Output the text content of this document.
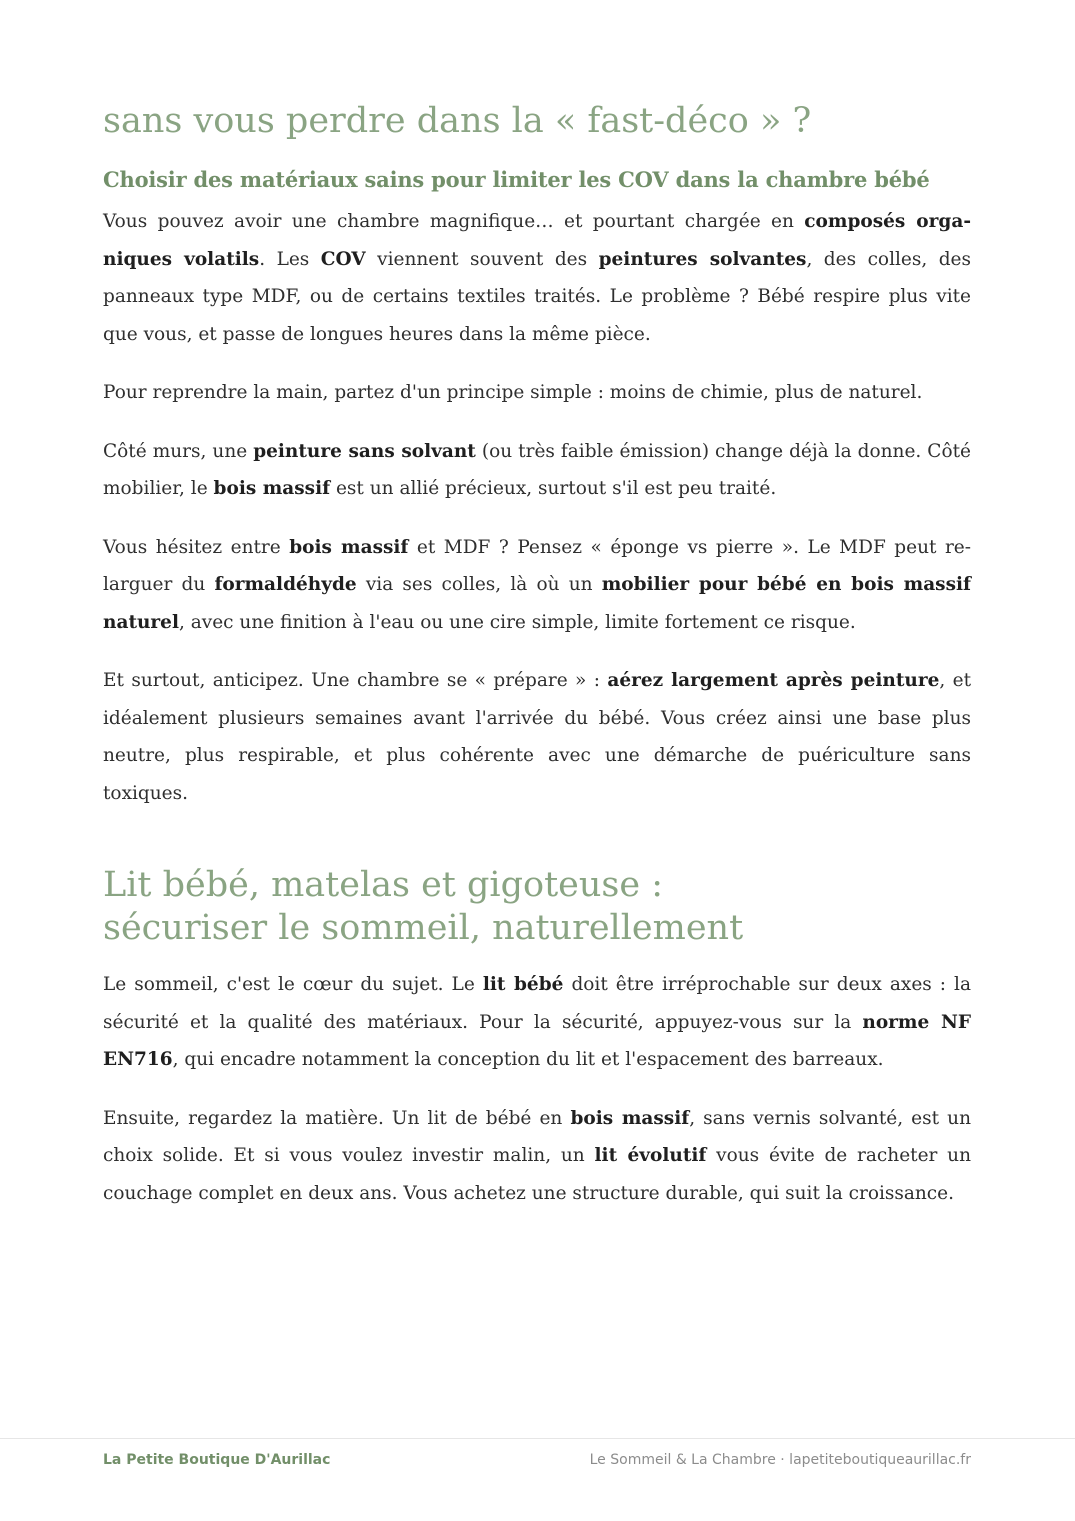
sans vous perdre dans la « fast-déco » ?
Choisir des matériaux sains pour limiter les COV dans la chambre bébé

Vous pouvez avoir une chambre magnifique… et pourtant chargée en composés organiques volatils. Les COV viennent souvent des peintures solvantes, des colles, des panneaux type MDF, ou de certains textiles traités. Le problème ? Bébé respire plus vite que vous, et passe de longues heures dans la même pièce.

Pour reprendre la main, partez d'un principe simple : moins de chimie, plus de naturel.

Côté murs, une peinture sans solvant (ou très faible émission) change déjà la donne. Côté mobilier, le bois massif est un allié précieux, surtout s'il est peu traité.

Vous hésitez entre bois massif et MDF ? Pensez « éponge vs pierre ». Le MDF peut relarguer du formaldéhyde via ses colles, là où un mobilier pour bébé en bois massif naturel, avec une finition à l'eau ou une cire simple, limite fortement ce risque.

Et surtout, anticipez. Une chambre se « prépare » : aérez largement après peinture, et idéalement plusieurs semaines avant l'arrivée du bébé. Vous créez ainsi une base plus neutre, plus respirable, et plus cohérente avec une démarche de puériculture sans toxiques.

Lit bébé, matelas et gigoteuse :
sécuriser le sommeil, naturellement

Le sommeil, c'est le cœur du sujet. Le lit bébé doit être irréprochable sur deux axes : la sécurité et la qualité des matériaux. Pour la sécurité, appuyez-vous sur la norme NF EN716, qui encadre notamment la conception du lit et l'espacement des barreaux.

Ensuite, regardez la matière. Un lit de bébé en bois massif, sans vernis solvanté, est un choix solide. Et si vous voulez investir malin, un lit évolutif vous évite de racheter un couchage complet en deux ans. Vous achetez une structure durable, qui suit la croissance.

La Petite Boutique D'Aurillac	Le Sommeil & La Chambre · lapetiteboutiqueaurillac.fr
